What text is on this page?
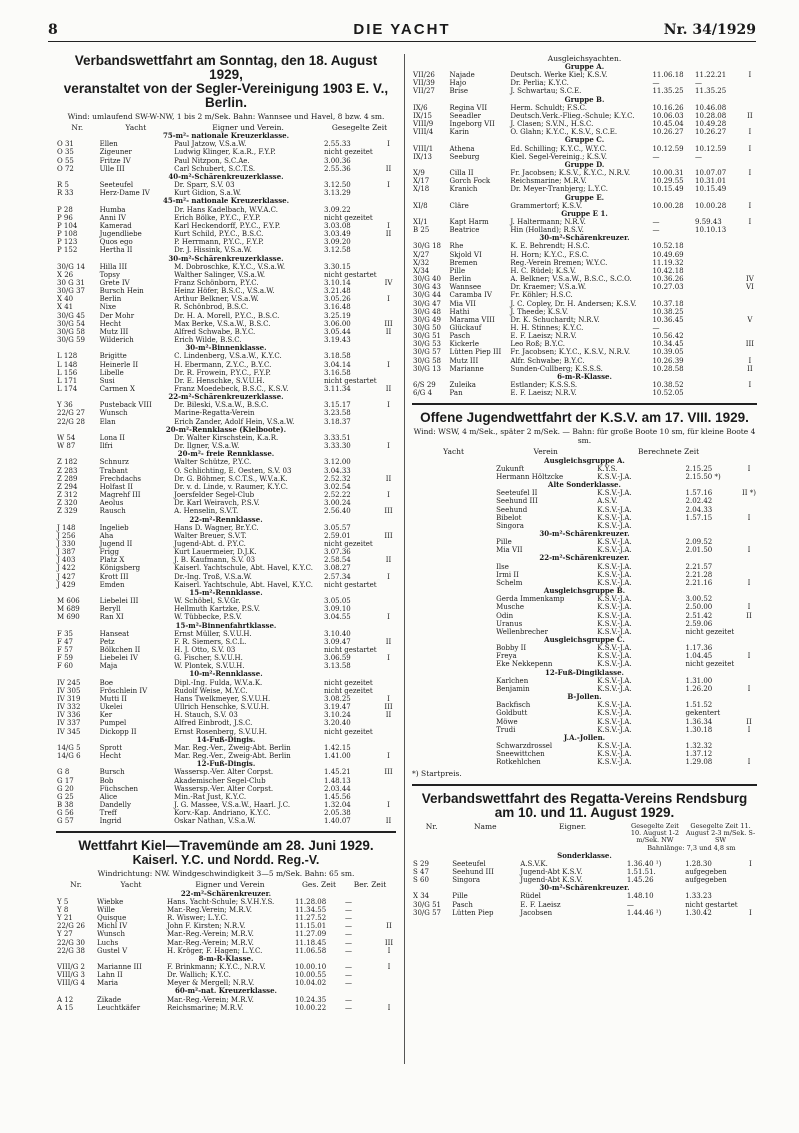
8	DIE YACHT	Nr. 34/1929
Verbandswettfahrt am Sonntag, den 18. August 1929,
veranstaltet von der Segler-Vereinigung 1903 E. V.,
Berlin.
Wind: umlaufend SW-W-NW, 1 bis 2 m/Sek. Bahn: Wannsee und Havel, 8 bzw. 4 sm.
Nr.	Yacht	Eigner und Verein.	Gesegelte Zeit	
75-m²- nationale Kreuzerklasse.				
O 31	Ellen	Paul Jatzow, V.S.a.W.	2.55.33	I
O 35	Zigeuner	Ludwig Klinger, K.a.R., F.Y.P.	nicht gezeitet	
O 55	Fritze IV	Paul Nitzpon, S.C.Ae.	3.00.36	
O 72	Ulle III	Carl Schubert, S.C.T.S.	2.55.36	II
40-m²-Schärenkreuzerklasse.				
R 5	Seeteufel	Dr. Sparr, S.V. 03	3.12.50	I
R 33	Herz-Dame IV	Kurt Gidion, S.a.W.	3.13.29	
45-m²- nationale Kreuzerklasse.				
P 28	Humba	Dr. Hans Kadelbach, W.V.A.C.	3.09.22	
P 96	Anni IV	Erich Bölke, P.Y.C., F.Y.P.	nicht gezeitet	
P 104	Kamerad	Karl Heckendorff, P.Y.C., F.Y.P.	3.03.08	I
P 108	Jugendliebe	Kurt Schild, P.Y.C., B.S.C.	3.03.49	II
P 123	Quos ego	P. Herrmann, P.Y.C., F.Y.P.	3.09.20	
P 152	Hertha II	Dr. J. Hissink, V.S.a.W.	3.12.58	
30-m²-Schärenkreuzerklasse.				
30/G 14	Hilla III	M. Dobroschke, K.Y.C., V.S.a.W.	3.30.15	
X 26	Topsy	Walther Salinger, V.S.a.W.	nicht gestartet	
30 G 31	Grete IV	Franz Schönborn, P.Y.C.	3.10.14	IV
30/G 37	Bursch Hein	Heinz Höfer, B.S.C., V.S.a.W.	3.21.48	
X 40	Berlin	Arthur Belkner, V.S.a.W.	3.05.26	I
X 41	Nixe	R. Schönbrod, B.S.C.	3.16.48	
30/G 45	Der Mohr	Dr. H. A. Morell, P.Y.C., B.S.C.	3.25.19	
30/G 54	Hecht	Max Berke, V.S.a.W., B.S.C.	3.06.00	III
30/G 58	Mutz III	Alfred Schwabe, B.Y.C.	3.05.44	II
30/G 59	Wilderich	Erich Wilde, B.S.C.	3.19.43	
30-m²-Binnenklasse.				
L 128	Brigitte	C. Lindenberg, V.S.a.W., K.Y.C.	3.18.58	
L 148	Heinerle II	H. Ebermann, Z.Y.C., B.Y.C.	3.04.14	I
L 156	Libelle	Dr. R. Frowein, P.Y.C., F.Y.P.	3.16.58	
L 171	Susi	Dr. E. Henschke, S.V.U.H.	nicht gestartet	
L 174	Carmen X	Franz Moedebeck, B.S.C., K.S.V.	3.11.34	II
22-m²-Schärenkreuzerklasse.				
Y 36	Pusteback VIII	Dr. Bileski, V.S.a.W., B.S.C.	3.15.17	I
22/G 27	Wunsch	Marine-Regatta-Verein	3.23.58	
22/G 28	Elan	Erich Zander, Adolf Hein, V.S.a.W.	3.18.37	
20-m²-Rennklasse (Kielboote).				
W 54	Lona II	Dr. Walter Kirschstein, K.a.R.	3.33.51	
W 87	Ilfri	Dr. Ilgner, V.S.a.W.	3.33.30	I
20-m²- freie Rennklasse.				
Z 182	Schnurz	Walter Schütze, P.Y.C.	3.12.00	
Z 283	Trabant	O. Schlichting, E. Oesten, S.V. 03	3.04.33	
Z 289	Frechdachs	Dr. G. Böhmer, S.C.T.S., W.V.a.K.	2.52.32	II
Z 294	Holfast II	Dr. v. d. Linde, v. Raumer, K.Y.C.	3.02.54	
Z 312	Magrehf III	Joersfelder Segel-Club	2.52.22	I
Z 320	Aeolus	Dr. Karl Weiravch, P.S.V.	3.00.24	
Z 329	Rausch	A. Henselin, S.V.T.	2.56.40	III
22-m²-Rennklasse.				
J 148	Ingelieb	Hans D. Wagner, Br.Y.C.	3.05.57	
J 256	Aha	Walter Breuer, S.V.T.	2.59.01	III
J 330	Jugend II	Jugend-Abt. d. P.Y.C.	nicht gezeitet	
J 387	Frigg	Kurt Lauermeier, D.J.K.	3.07.36	
J 403	Platz X	J. B. Kaufmann, S.V. 03	2.58.54	II
J 422	Königsberg	Kaiserl. Yachtschule, Abt. Havel, K.Y.C.	3.08.27	
J 427	Krott III	Dr.-Ing. Troß, V.S.a.W.	2.57.34	I
J 429	Emden	Kaiserl. Yachtschule, Abt. Havel, K.Y.C.	nicht gestartet	
15-m²-Rennklasse.				
M 606	Liebelei III	W. Schöbel, S.V.Gr.	3.05.05	
M 689	Beryll	Hellmuth Kartzke, P.S.V.	3.09.10	
M 690	Ran XI	W. Tübbecke, P.S.V.	3.04.55	I
15-m²-Binnenfahrtklasse.				
F 35	Hanseat	Ernst Müller, S.V.U.H.	3.10.40	
F 47	Petz	F. R. Siemers, S.C.L.	3.09.47	II
F 57	Bölkchen II	H. J. Otto, S.V. 03	nicht gestartet	
F 59	Liebelei IV	G. Fischer, S.V.U.H.	3.06.59	I
F 60	Maja	W. Plontek, S.V.U.H.	3.13.58	
10-m²-Rennklasse.				
IV 245	Boe	Dipl.-Ing. Fulda, W.V.a.K.	nicht gezeitet	
IV 305	Fröschlein IV	Rudolf Weise, M.Y.C.	nicht gezeitet	
IV 319	Mutti II	Hans Twelkmeyer, S.V.U.H.	3.08.25	I
IV 332	Ukelei	Ullrich Henschke, S.V.U.H.	3.19.47	III
IV 336	Ker	H. Stauch, S.V. 03	3.10.24	II
IV 337	Pumpel	Alfred Einbrodt, J.S.C.	3.20.40	
IV 345	Dickopp II	Ernst Rosenberg, S.V.U.H.	nicht gezeitet	
14-Fuß-Dingis.				
14/G 5	Sprott	Mar. Reg.-Ver., Zweig-Abt. Berlin	1.42.15	
14/G 6	Hecht	Mar. Reg.-Ver., Zweig-Abt. Berlin	1.41.00	I
12-Fuß-Dingis.				
G 8	Bursch	Wassersp.-Ver. Alter Corpst.	1.45.21	III
G 17	Bob	Akademischer Segel-Club	1.48.13	
G 20	Füchschen	Wassersp.-Ver. Alter Corpst.	2.03.44	
G 25	Alice	Min.-Rat Just, K.Y.C.	1.45.56	
B 38	Dandelly	J. G. Massee, V.S.a.W., Haarl. J.C.	1.32.04	I
G 56	Treff	Korv.-Kap. Andriano, K.Y.C.	2.05.38	
G 57	Ingrid	Oskar Nathan, V.S.a.W.	1.40.07	II
Wettfahrt Kiel—Travemünde am 28. Juni 1929.
Kaiserl. Y.C. und Nordd. Reg.-V.
Windrichtung: NW. Windgeschwindigkeit 3—5 m/Sek. Bahn: 65 sm.
Nr.	Yacht	Eigner und Verein	Ges. Zeit	Ber. Zeit	
22-m²-Schärenkreuzer.					
Y 5	Wiebke	Hans. Yacht-Schule; S.V.H.Y.S.	11.28.08	—	
Y 8	Wille	Mar.-Reg.Verein; M.R.V.	11.34.55	—	
Y 21	Quisque	R. Wiswer; L.Y.C.	11.27.52	—	
22/G 26	Michl IV	John F. Kirsten; N.R.V.	11.15.01	—	II
Y 27	Wunsch	Mar.-Reg.-Verein; M.R.V.	11.27.09	—	
22/G 30	Luchs	Mar.-Reg.-Verein; M.R.V.	11.18.45	—	III
22/G 38	Gustel V	H. Kröger, F. Hagen; L.Y.C.	11.06.58	—	I
8-m-R-Klasse.					
VIII/G 2	Marianne III	F. Brinkmann; K.Y.C., N.R.V.	10.00.10	—	I
VIII/G 3	Lahn II	Dr. Wallich; K.Y.C.	10.00.55	—	
VIII/G 4	Maria	Meyer & Mergell; N.R.V.	10.04.02	—	
60-m²-nat. Kreuzerklasse.					
A 12	Zikade	Mar.-Reg.-Verein; M.R.V.	10.24.35	—	
A 15	Leuchtkäfer	Reichsmarine; M.R.V.	10.00.22	—	I
Ausgleichsyachten.
Gruppe A.					
VII/26	Najade	Deutsch. Werke Kiel; K.S.V.	11.06.18	11.22.21	I
VII/39	Hajo	Dr. Perlia; K.Y.C.	—	—	
VII/27	Brise	J. Schwartau; S.C.E.	11.35.25	11.35.25	
Gruppe B.					
IX/6	Regina VII	Herm. Schuldt; F.S.C.	10.16.26	10.46.08	
IX/15	Seeadler	Deutsch.Verk.-Flieg.-Schule; K.Y.C.	10.06.03	10.28.08	II
VIII/9	Ingeborg VII	J. Clasen; S.V.N., H.S.C.	10.45.04	10.49.28	
VIII/4	Karin	O. Glahn; K.Y.C., K.S.V., S.C.E.	10.26.27	10.26.27	I
Gruppe C.					
VIII/1	Athena	Ed. Schilling; K.Y.C., W.Y.C.	10.12.59	10.12.59	I
IX/13	Seeburg	Kiel. Segel-Vereinig.; K.S.V.	—	—	
Gruppe D.					
X/9	Cilla II	Fr. Jacobsen; K.S.V., K.Y.C., N.R.V.	10.00.31	10.07.07	I
X/17	Gorch Fock	Reichsmarine; M.R.V.	10.29.55	10.31.01	
X/18	Kranich	Dr. Meyer-Tranbjerg; L.Y.C.	10.15.49	10.15.49	
Gruppe E.					
XI/8	Cläre	Grammertorf; K.S.V.	10.00.28	10.00.28	I
Gruppe E 1.					
XI/1	Kapt Harm	J. Haltermann; N.R.V.	—	9.59.43	I
B 25	Beatrice	Hin (Holland); R.S.V.	—	10.10.13	
30-m²-Schärenkreuzer.					
30/G 18	Rhe	K. E. Behrendt; H.S.C.	10.52.18		
X/27	Skjold VI	H. Horn; K.Y.C., F.S.C.	10.49.69		
X/32	Bremen	Reg.-Verein Bremen; W.Y.C.	11.19.32		
X/34	Pille	H. C. Rüdel; K.S.V.	10.42.18		
30/G 40	Berlin	A. Belkner; V.S.a.W., B.S.C., S.C.O.	10.36.26		IV
30/G 43	Wannsee	Dr. Kraemer; V.S.a.W.	10.27.03		VI
30/G 44	Caramba IV	Fr. Köhler; H.S.C.			
30/G 47	Mia VII	J. C. Copley, Dr. H. Andersen; K.S.V.	10.37.18		
30/G 48	Hathi	J. Theede; K.S.V.	10.38.25		
30/G 49	Marama VIII	Dr. K. Schuchardt; N.R.V.	10.36.45		V
30/G 50	Glückauf	H. H. Stinnes; K.Y.C.	—		
30/G 51	Pasch	E. F. Laeisz; N.R.V.	10.56.42		
30/G 53	Kickerle	Leo Roß; B.Y.C.	10.34.45		III
30/G 57	Lütten Piep III	Fr. Jacobsen; K.Y.C., K.S.V., N.R.V.	10.39.05		
30/G 58	Mutz III	Alfr. Schwabe; B.Y.C.	10.26.39		I
30/G 13	Marianne	Sunden-Cullberg; K.S.S.S.	10.28.58		II
6-m-R-Klasse.					
6/S 29	Zuleika	Estlander; K.S.S.S.	10.38.52		I
6/G 4	Pan	E. F. Laeisz; N.R.V.	10.52.05		
Offene Jugendwettfahrt der K.S.V. am 17. VIII. 1929.
Wind: WSW, 4 m/Sek., später 2 m/Sek. — Bahn: für große Boote 10 sm, für kleine Boote 4 sm.
Yacht	Verein	Berechnete Zeit		
Ausgleichsgruppe A.				
	Zukunft	K.Y.S.	2.15.25	I
	Hermann Höltzcke	K.S.V.-J.A.	2.15.50 *)	
Alte Sonderklasse.				
	Seeteufel II	K.S.V.-J.A.	1.57.16	II *)
	Seehund III	A.S.V.	2.02.42	
	Seehund	K.S.V.-J.A.	2.04.33	
	Bibelot	K.S.V.-J.A.	1.57.15	I
	Singora	K.S.V.-J.A.		
30-m²-Schärenkreuzer.				
	Pille	K.S.V.-J.A.	2.09.52	
	Mia VII	K.S.V.-J.A.	2.01.50	I
22-m²-Schärenkreuzer.				
	Ilse	K.S.V.-J.A.	2.21.57	
	Irmi II	K.S.V.-J.A.	2.21.28	
	Schelm	K.S.V.-J.A.	2.21.16	I
Ausgleichsgruppe B.				
	Gerda Immenkamp	K.S.V.-J.A.	3.00.52	
	Musche	K.S.V.-J.A.	2.50.00	I
	Odin	K.S.V.-J.A.	2.51.42	II
	Uranus	K.S.V.-J.A.	2.59.06	
	Wellenbrecher	K.S.V.-J.A.	nicht gezeitet	
Ausgleichsgruppe C.				
	Bobby II	K.S.V.-J.A.	1.17.36	
	Freya	K.S.V.-J.A.	1.04.45	I
	Eke Nekkepenn	K.S.V.-J.A.	nicht gezeitet	
12-Fuß-Dingiklasse.				
	Karlchen	K.S.V.-J.A.	1.31.00	
	Benjamin	K.S.V.-J.A.	1.26.20	I
B-Jollen.				
	Backfisch	K.S.V.-J.A.	1.51.52	
	Goldbutt	K.S.V.-J.A.	gekentert	
	Möwe	K.S.V.-J.A.	1.36.34	II
	Trudi	K.S.V.-J.A.	1.30.18	I
J.A.-Jollen.				
	Schwarzdrossel	K.S.V.-J.A.	1.32.32	
	Sneewittchen	K.S.V.-J.A.	1.37.12	
	Rotkehlchen	K.S.V.-J.A.	1.29.08	I
*) Startpreis.
Verbandswettfahrt des Regatta-Vereins Rendsburg
am 10. und 11. August 1929.
Nr.	Name	Eigner.	Gesegelte Zeit 10. August 1-2 m/Sek. NW	Gesegelte Zeit 11. August 2-3 m/Sek. S-SW	
			Bahnlänge: 7,3 und 4,8 sm		
Sonderklasse.					
S 29	Seeteufel	A.S.V.K.	1.36.40 ¹)	1.28.30	I
S 47	Seehund III	Jugend-Abt K.S.V.	1.51.51.	aufgegeben	
S 60	Singora	Jugend-Abt K.S.V.	1.45.26	aufgegeben	
30-m²-Schärenkreuzer.					
X 34	Pille	Rüdel	1.48.10	1.33.23	
30/G 51	Pasch	E. F. Laeisz	—	nicht gestartet	
30/G 57	Lütten Piep	Jacobsen	1.44.46 ¹)	1.30.42	I
